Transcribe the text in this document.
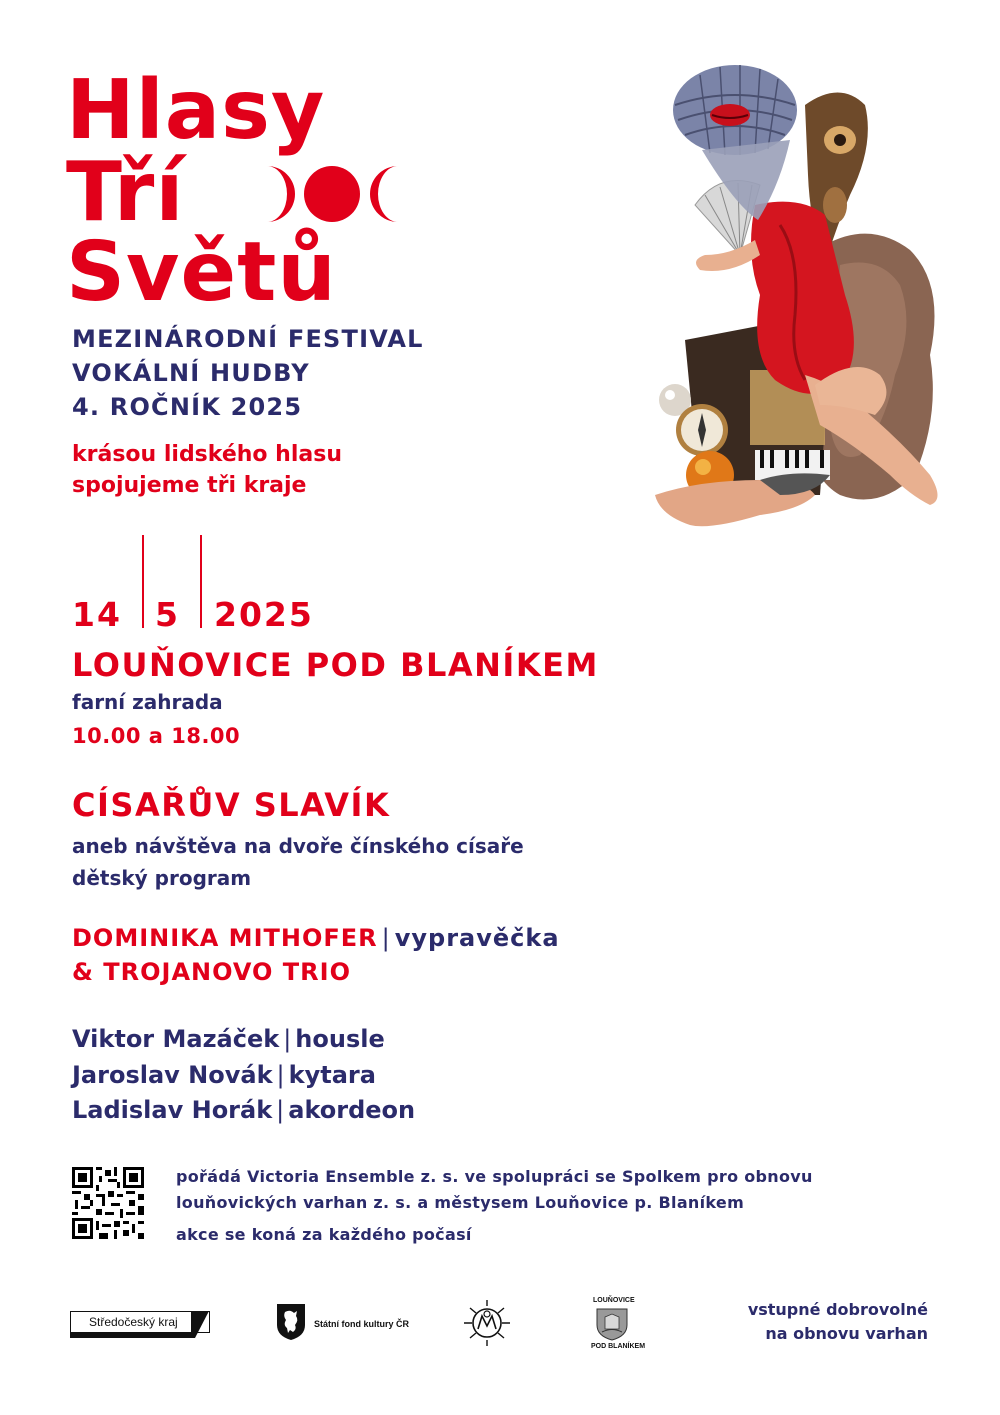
Hlasy
Tří
Světů
MEZINÁRODNÍ FESTIVAL
VOKÁLNÍ HUDBY
4. ROČNÍK 2025
krásou lidského hlasu
spojujeme tři kraje
14 5 2025
LOUŇOVICE POD BLANÍKEM
farní zahrada
10.00 a 18.00
CÍSAŘŮV SLAVÍK
aneb návštěva na dvoře čínského císaře
dětský program
DOMINIKA MITHOFER | vypravěčka
& TROJANOVO TRIO
Viktor Mazáček | housle
Jaroslav Novák | kytara
Ladislav Horák | akordeon
pořádá Victoria Ensemble z. s. ve spolupráci se Spolkem pro obnovu
louňovických varhan z. s. a městysem Louňovice p. Blaníkem
akce se koná za každého počasí
Středočeský kraj	Státní fond kultury ČR
LOUŇOVICE
POD BLANÍKEM
vstupné dobrovolné
na obnovu varhan
